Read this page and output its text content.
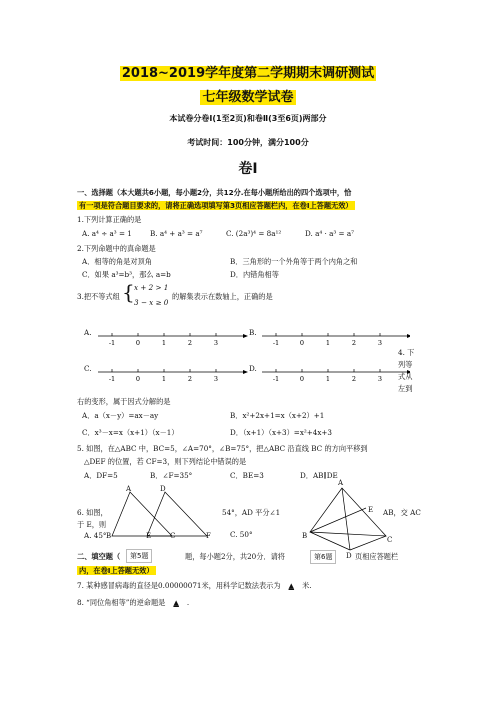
2018~2019学年度第二学期期末调研测试
七年级数学试卷
本试卷分卷Ⅰ(1至2页)和卷Ⅱ(3至6页)两部分
考试时间：100分钟，满分100分
卷Ⅰ
一、选择题（本大题共6小题，每小题2分，共12分.在每小题所给出的四个选项中，恰
有一项是符合题目要求的，请将正确选项填写第3页相应答题栏内，在卷Ⅰ上答题无效）
1.下列计算正确的是
A. a⁴ ÷ a³ = 1	B. a⁴ + a³ = a⁷	C. (2a³)⁴ = 8a¹²	D. a⁴ · a³ = a⁷
2.下列命题中的真命题是
A．相等的角是对顶角	B．三角形的一个外角等于两个内角之和
C．如果 a³=b³，那么 a=b	D．内错角相等
3.把不等式组 { x + 2 > 1
3 − x ≥ 0
的解集表示在数轴上，正确的是
-1	0	1	2	3	-1	0	1	2	3
-1	0	1	2	3	-1	0	1	2	3
A.	B.
C.	D.
4. 下
列等
式从
左到
右的变形，属于因式分解的是
A．a（x－y）=ax－ay	B．x²+2x+1=x（x+2）+1
C．x³－x=x（x+1）（x－1）	D．（x+1）（x+3）=x²+4x+3
5. 如图，在△ABC 中，BC=5，∠A=70°，∠B=75°，把△ABC 沿直线 BC 的方向平移到
△DEF 的位置，若 CF=3，则下列结论中错误的是
A．DF=5	B．∠F=35°	C．BE=3	D．AB∥DE
A	D
B	E	C	F
6. 如图，	54°，AD 平分∠1	AB，交 AC
于 E，则
A. 45°	C. 50°
A
E
B
D
C
二、填空题（	题，每小题2分，共20分．请将	页相应答题栏
内，在卷Ⅰ上答题无效）
第5题	第6题
7. 某种感冒病毒的直径是0.00000071米，用科学记数法表示为 ▲ 米.
8. “同位角相等”的逆命题是 ▲ .
